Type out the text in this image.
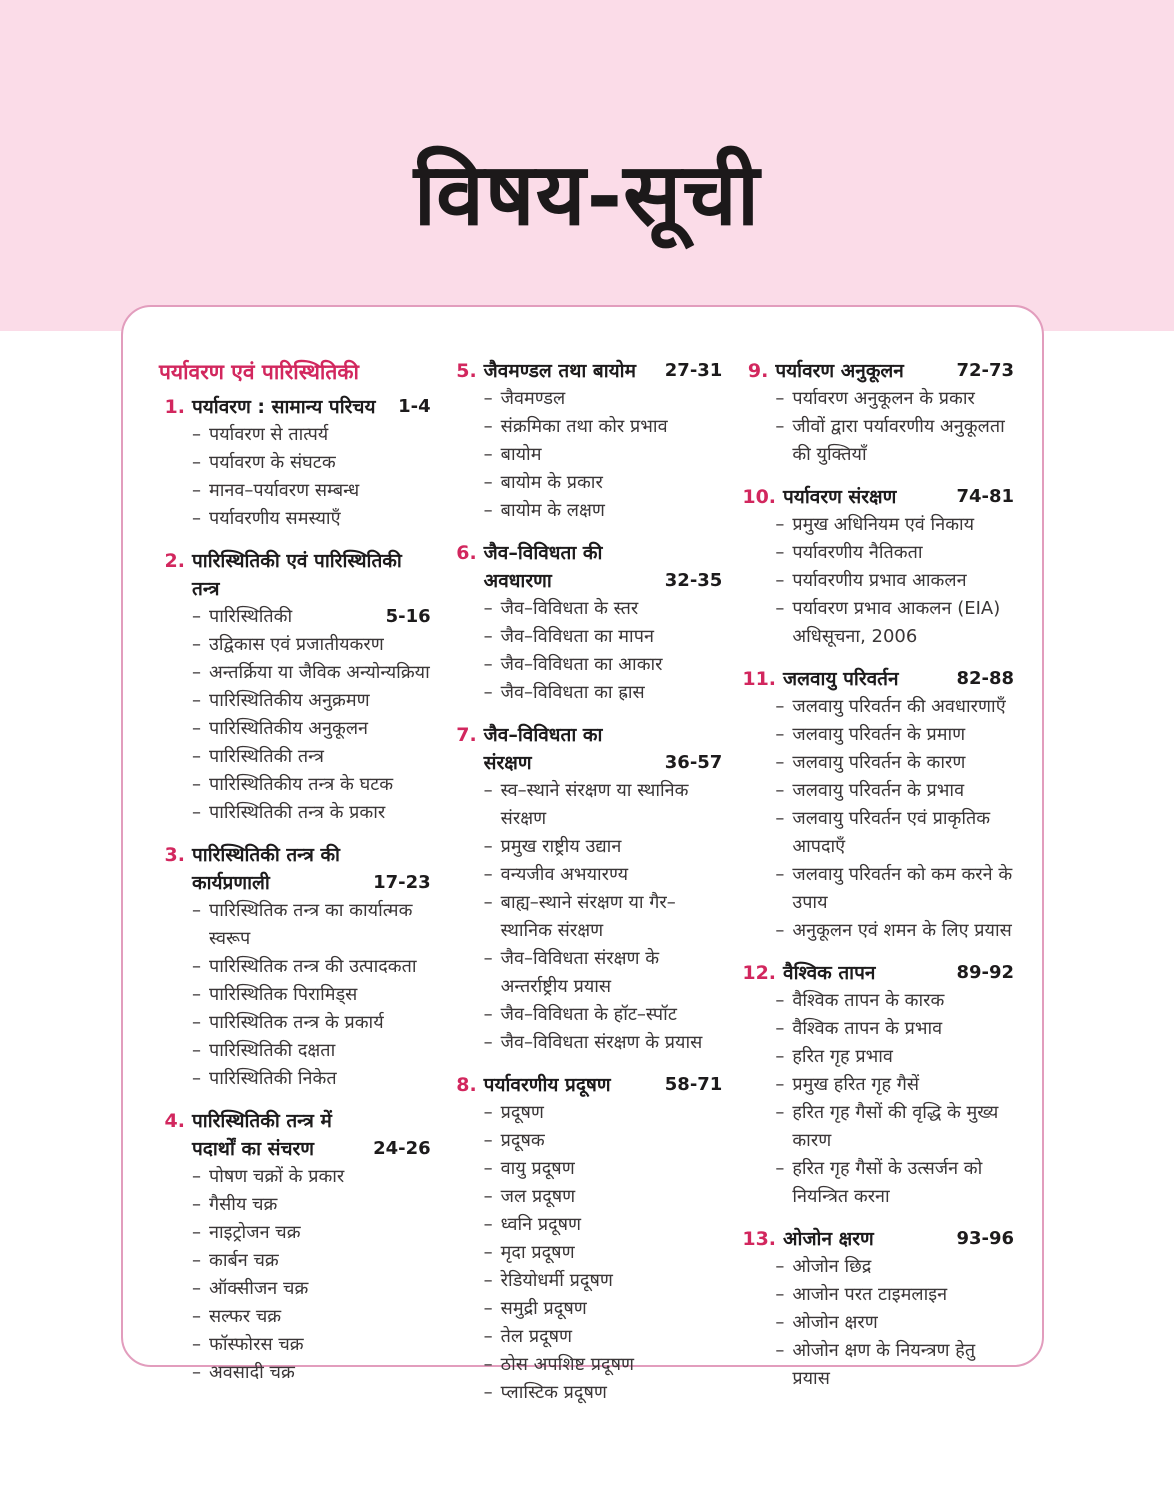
विषय-सूची
पर्यावरण एवं पारिस्थितिकी
1. पर्यावरण : सामान्य परिचय	1-4
– पर्यावरण से तात्पर्य
– पर्यावरण के संघटक
– मानव–पर्यावरण सम्बन्ध
– पर्यावरणीय समस्याएँ
2. पारिस्थितिकी एवं पारिस्थितिकी तन्त्र
– पारिस्थितिकी	5-16
– उद्विकास एवं प्रजातीयकरण
– अन्तर्क्रिया या जैविक अन्योन्यक्रिया
– पारिस्थितिकीय अनुक्रमण
– पारिस्थितिकीय अनुकूलन
– पारिस्थितिकी तन्त्र
– पारिस्थितिकीय तन्त्र के घटक
– पारिस्थितिकी तन्त्र के प्रकार
3. पारिस्थितिकी तन्त्र की कार्यप्रणाली	17-23
– पारिस्थितिक तन्त्र का कार्यात्मक स्वरूप
– पारिस्थितिक तन्त्र की उत्पादकता
– पारिस्थितिक पिरामिड्स
– पारिस्थितिक तन्त्र के प्रकार्य
– पारिस्थितिकी दक्षता
– पारिस्थितिकी निकेत
4. पारिस्थितिकी तन्त्र में पदार्थों का संचरण	24-26
– पोषण चक्रों के प्रकार
– गैसीय चक्र
– नाइट्रोजन चक्र
– कार्बन चक्र
– ऑक्सीजन चक्र
– सल्फर चक्र
– फॉस्फोरस चक्र
– अवसादी चक्र
5. जैवमण्डल तथा बायोम	27-31
– जैवमण्डल
– संक्रमिका तथा कोर प्रभाव
– बायोम
– बायोम के प्रकार
– बायोम के लक्षण
6. जैव–विविधता की अवधारणा	32-35
– जैव–विविधता के स्तर
– जैव–विविधता का मापन
– जैव–विविधता का आकार
– जैव–विविधता का ह्रास
7. जैव–विविधता का संरक्षण	36-57
– स्व–स्थाने संरक्षण या स्थानिक संरक्षण
– प्रमुख राष्ट्रीय उद्यान
– वन्यजीव अभयारण्य
– बाह्य–स्थाने संरक्षण या गैर–स्थानिक संरक्षण
– जैव–विविधता संरक्षण के अन्तर्राष्ट्रीय प्रयास
– जैव–विविधता के हॉट–स्पॉट
– जैव–विविधता संरक्षण के प्रयास
8. पर्यावरणीय प्रदूषण	58-71
– प्रदूषण
– प्रदूषक
– वायु प्रदूषण
– जल प्रदूषण
– ध्वनि प्रदूषण
– मृदा प्रदूषण
– रेडियोधर्मी प्रदूषण
– समुद्री प्रदूषण
– तेल प्रदूषण
– ठोस अपशिष्ट प्रदूषण
– प्लास्टिक प्रदूषण
9. पर्यावरण अनुकूलन	72-73
– पर्यावरण अनुकूलन के प्रकार
– जीवों द्वारा पर्यावरणीय अनुकूलता की युक्तियाँ
10. पर्यावरण संरक्षण	74-81
– प्रमुख अधिनियम एवं निकाय
– पर्यावरणीय नैतिकता
– पर्यावरणीय प्रभाव आकलन
– पर्यावरण प्रभाव आकलन (EIA) अधिसूचना, 2006
11. जलवायु परिवर्तन	82-88
– जलवायु परिवर्तन की अवधारणाएँ
– जलवायु परिवर्तन के प्रमाण
– जलवायु परिवर्तन के कारण
– जलवायु परिवर्तन के प्रभाव
– जलवायु परिवर्तन एवं प्राकृतिक आपदाएँ
– जलवायु परिवर्तन को कम करने के उपाय
– अनुकूलन एवं शमन के लिए प्रयास
12. वैश्विक तापन	89-92
– वैश्विक तापन के कारक
– वैश्विक तापन के प्रभाव
– हरित गृह प्रभाव
– प्रमुख हरित गृह गैसें
– हरित गृह गैसों की वृद्धि के मुख्य कारण
– हरित गृह गैसों के उत्सर्जन को नियन्त्रित करना
13. ओजोन क्षरण	93-96
– ओजोन छिद्र
– आजोन परत टाइमलाइन
– ओजोन क्षरण
– ओजोन क्षण के नियन्त्रण हेतु प्रयास
